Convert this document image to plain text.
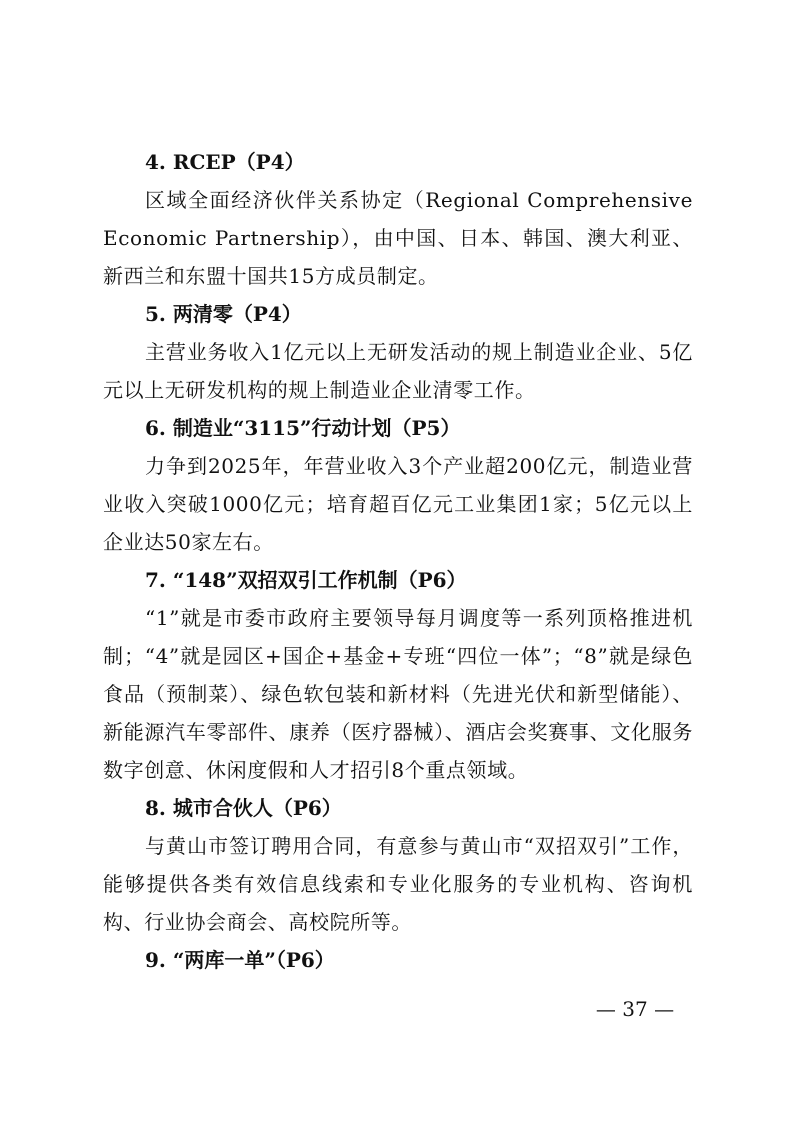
4. RCEP（P4）

区域全面经济伙伴关系协定（Regional Comprehensive Economic Partnership），由中国、日本、韩国、澳大利亚、新西兰和东盟十国共15方成员制定。

5. 两清零（P4）

主营业务收入1亿元以上无研发活动的规上制造业企业、5亿元以上无研发机构的规上制造业企业清零工作。

6. 制造业“3115”行动计划（P5）

力争到2025年，年营业收入3个产业超200亿元，制造业营业收入突破1000亿元；培育超百亿元工业集团1家；5亿元以上企业达50家左右。

7. “148”双招双引工作机制（P6）

“1”就是市委市政府主要领导每月调度等一系列顶格推进机制；“4”就是园区+国企+基金+专班“四位一体”；“8”就是绿色食品（预制菜）、绿色软包装和新材料（先进光伏和新型储能）、新能源汽车零部件、康养（医疗器械）、酒店会奖赛事、文化服务数字创意、休闲度假和人才招引8个重点领域。

8. 城市合伙人（P6）

与黄山市签订聘用合同，有意参与黄山市“双招双引”工作，能够提供各类有效信息线索和专业化服务的专业机构、咨询机构、行业协会商会、高校院所等。

9. “两库一单”（P6）

— 37 —
